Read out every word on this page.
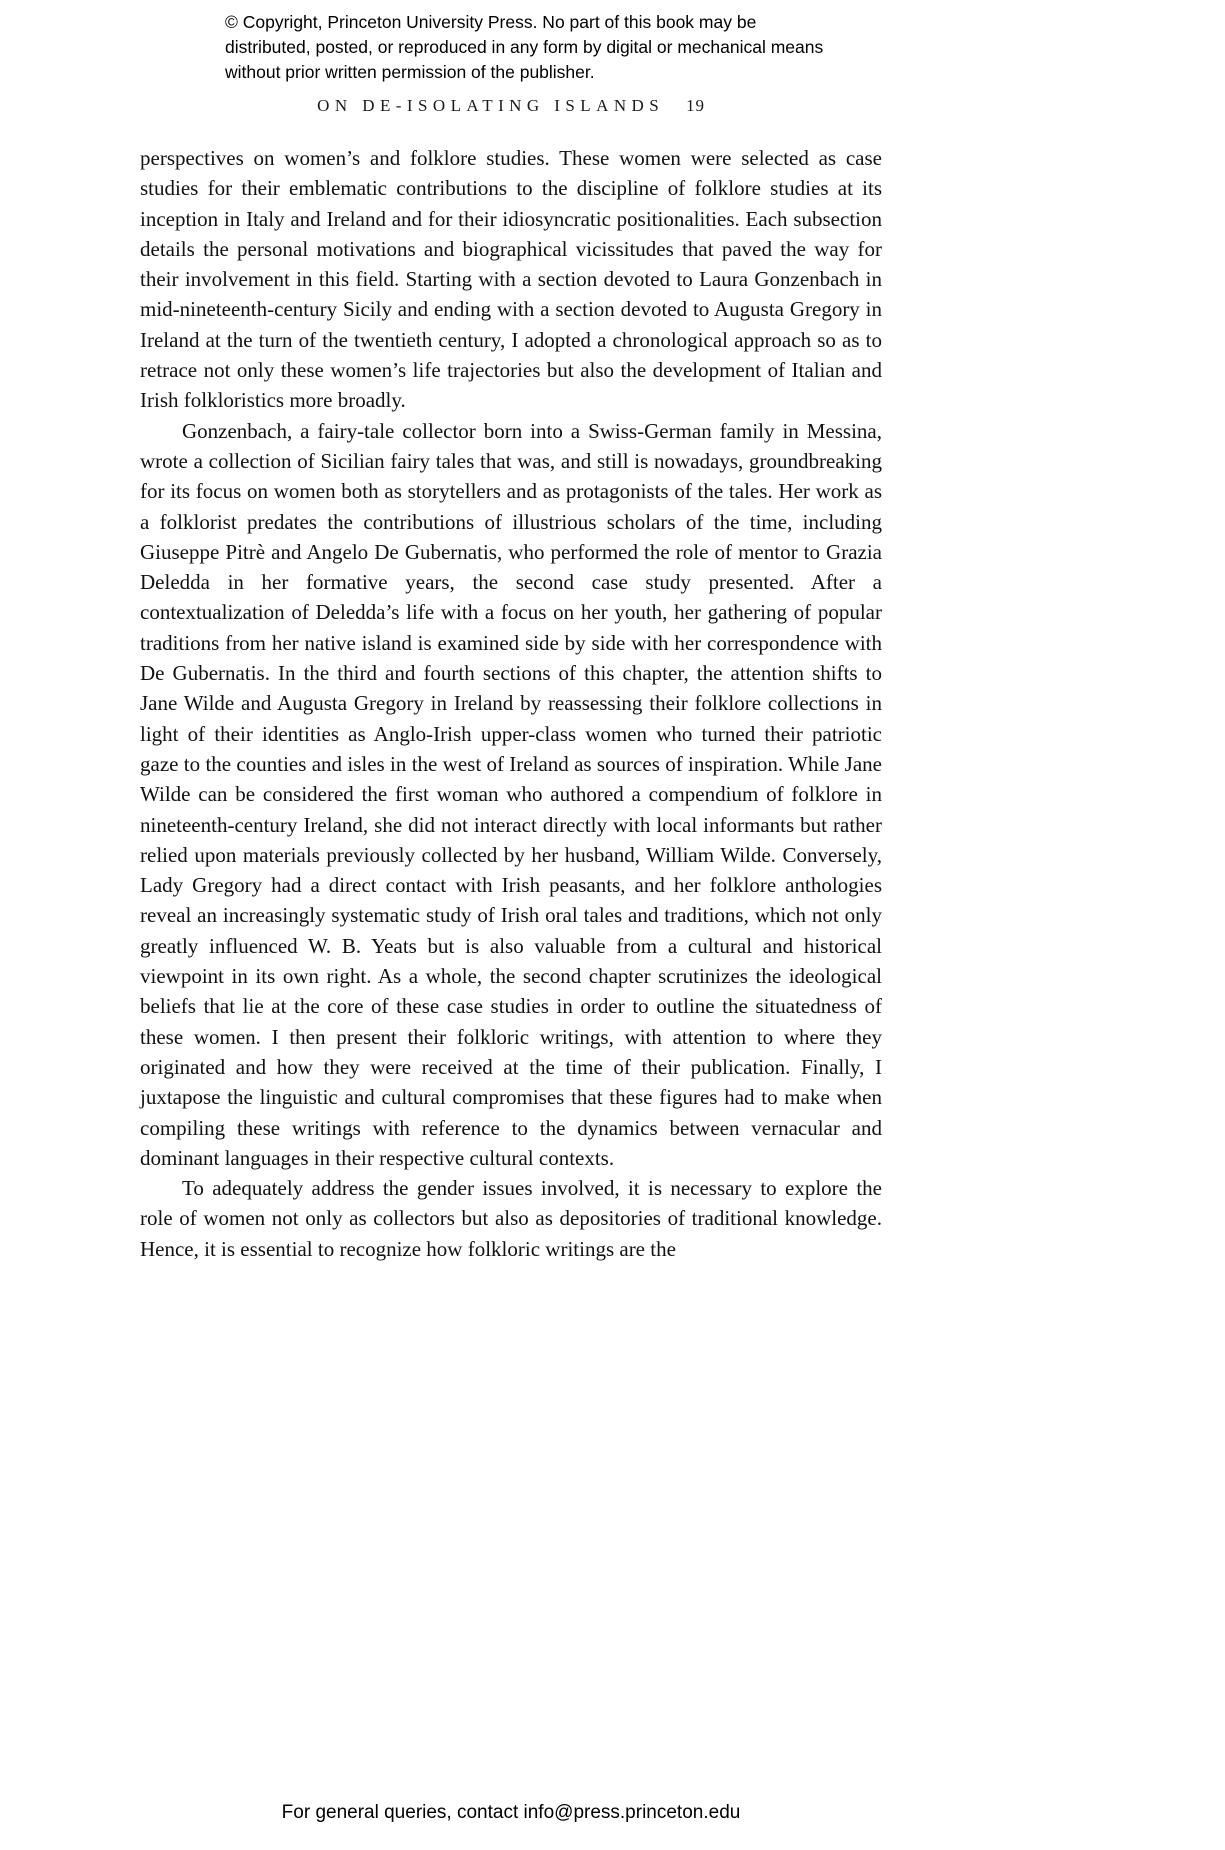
© Copyright, Princeton University Press. No part of this book may be distributed, posted, or reproduced in any form by digital or mechanical means without prior written permission of the publisher.
ON DE-ISOLATING ISLANDS 19

perspectives on women’s and folklore studies. These women were selected as case studies for their emblematic contributions to the discipline of folklore studies at its inception in Italy and Ireland and for their idiosyncratic positionalities. Each subsection details the personal motivations and biographical vicissitudes that paved the way for their involvement in this field. Starting with a section devoted to Laura Gonzenbach in mid-nineteenth-century Sicily and ending with a section devoted to Augusta Gregory in Ireland at the turn of the twentieth century, I adopted a chronological approach so as to retrace not only these women’s life trajectories but also the development of Italian and Irish folkloristics more broadly.

Gonzenbach, a fairy-tale collector born into a Swiss-German family in Messina, wrote a collection of Sicilian fairy tales that was, and still is nowadays, groundbreaking for its focus on women both as storytellers and as protagonists of the tales. Her work as a folklorist predates the contributions of illustrious scholars of the time, including Giuseppe Pitrè and Angelo De Gubernatis, who performed the role of mentor to Grazia Deledda in her formative years, the second case study presented. After a contextualization of Deledda’s life with a focus on her youth, her gathering of popular traditions from her native island is examined side by side with her correspondence with De Gubernatis. In the third and fourth sections of this chapter, the attention shifts to Jane Wilde and Augusta Gregory in Ireland by reassessing their folklore collections in light of their identities as Anglo-Irish upper-class women who turned their patriotic gaze to the counties and isles in the west of Ireland as sources of inspiration. While Jane Wilde can be considered the first woman who authored a compendium of folklore in nineteenth-century Ireland, she did not interact directly with local informants but rather relied upon materials previously collected by her husband, William Wilde. Conversely, Lady Gregory had a direct contact with Irish peasants, and her folklore anthologies reveal an increasingly systematic study of Irish oral tales and traditions, which not only greatly influenced W. B. Yeats but is also valuable from a cultural and historical viewpoint in its own right. As a whole, the second chapter scrutinizes the ideological beliefs that lie at the core of these case studies in order to outline the situatedness of these women. I then present their folkloric writings, with attention to where they originated and how they were received at the time of their publication. Finally, I juxtapose the linguistic and cultural compromises that these figures had to make when compiling these writings with reference to the dynamics between vernacular and dominant languages in their respective cultural contexts.

To adequately address the gender issues involved, it is necessary to explore the role of women not only as collectors but also as depositories of traditional knowledge. Hence, it is essential to recognize how folkloric writings are the

For general queries, contact info@press.princeton.edu
